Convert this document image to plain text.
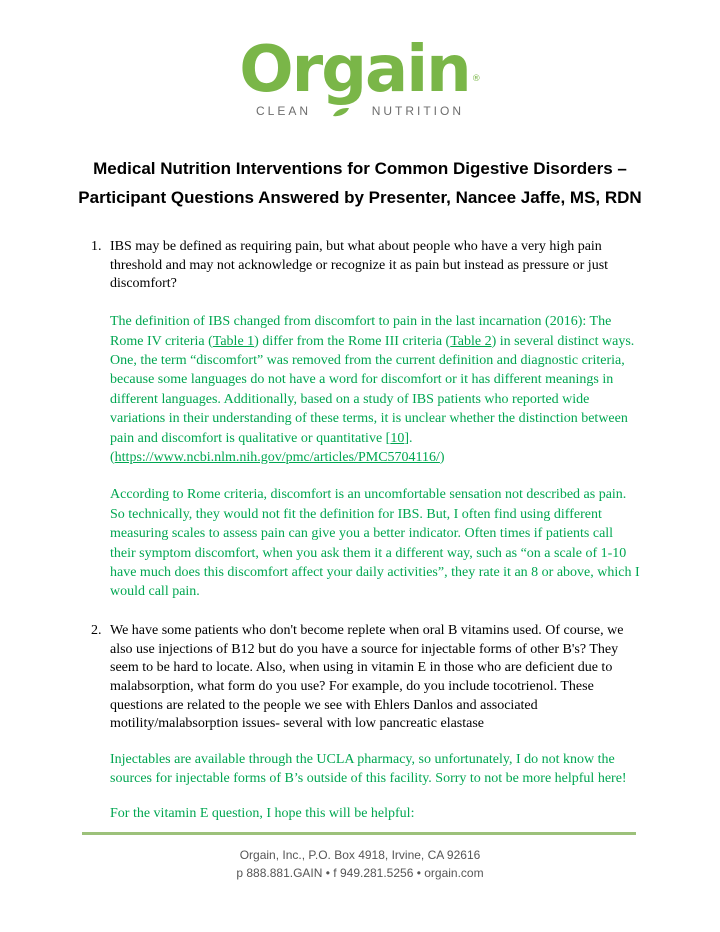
Orgain $_®$
CLEAN	NUTRITION
Medical Nutrition Interventions for Common Digestive Disorders –
Participant Questions Answered by Presenter, Nancee Jaffe, MS, RDN
1. IBS may be defined as requiring pain, but what about people who have a very high pain threshold and may not acknowledge or recognize it as pain but instead as pressure or just discomfort?
The definition of IBS changed from discomfort to pain in the last incarnation (2016): The Rome IV criteria (Table 1) differ from the Rome III criteria (Table 2) in several distinct ways. One, the term “discomfort” was removed from the current definition and diagnostic criteria, because some languages do not have a word for discomfort or it has different meanings in different languages. Additionally, based on a study of IBS patients who reported wide variations in their understanding of these terms, it is unclear whether the distinction between pain and discomfort is qualitative or quantitative [10]. (https://www.ncbi.nlm.nih.gov/pmc/articles/PMC5704116/)
According to Rome criteria, discomfort is an uncomfortable sensation not described as pain. So technically, they would not fit the definition for IBS. But, I often find using different measuring scales to assess pain can give you a better indicator. Often times if patients call their symptom discomfort, when you ask them it a different way, such as “on a scale of 1-10 have much does this discomfort affect your daily activities”, they rate it an 8 or above, which I would call pain.
2. We have some patients who don't become replete when oral B vitamins used. Of course, we also use injections of B12 but do you have a source for injectable forms of other B's? They seem to be hard to locate. Also, when using in vitamin E in those who are deficient due to malabsorption, what form do you use? For example, do you include tocotrienol. These questions are related to the people we see with Ehlers Danlos and associated motility/malabsorption issues- several with low pancreatic elastase
Injectables are available through the UCLA pharmacy, so unfortunately, I do not know the sources for injectable forms of B’s outside of this facility. Sorry to not be more helpful here!
For the vitamin E question, I hope this will be helpful:
Orgain, Inc., P.O. Box 4918, Irvine, CA 92616
p 888.881.GAIN • f 949.281.5256 • orgain.com
